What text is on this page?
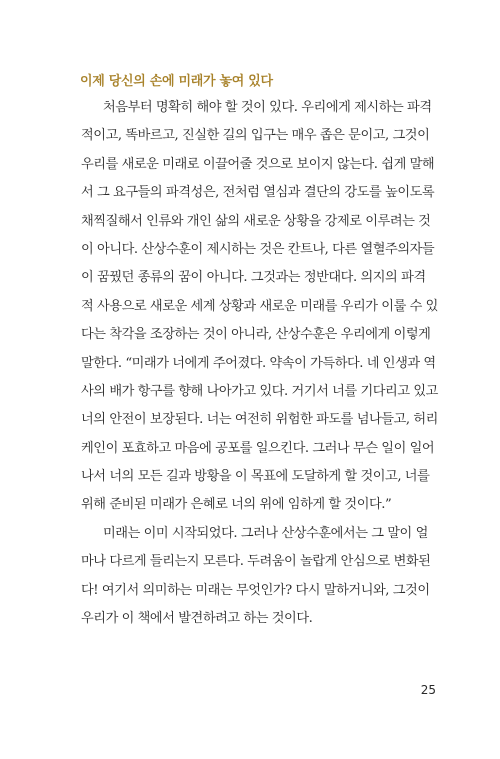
이제 당신의 손에 미래가 놓여 있다

처음부터 명확히 해야 할 것이 있다. 우리에게 제시하는 파격
적이고, 똑바르고, 진실한 길의 입구는 매우 좁은 문이고, 그것이
우리를 새로운 미래로 이끌어줄 것으로 보이지 않는다. 쉽게 말해
서 그 요구들의 파격성은, 전처럼 열심과 결단의 강도를 높이도록
채찍질해서 인류와 개인 삶의 새로운 상황을 강제로 이루려는 것
이 아니다. 산상수훈이 제시하는 것은 칸트나, 다른 열혈주의자들
이 꿈꿨던 종류의 꿈이 아니다. 그것과는 정반대다. 의지의 파격
적 사용으로 새로운 세계 상황과 새로운 미래를 우리가 이룰 수 있
다는 착각을 조장하는 것이 아니라, 산상수훈은 우리에게 이렇게
말한다. “미래가 너에게 주어졌다. 약속이 가득하다. 네 인생과 역
사의 배가 항구를 향해 나아가고 있다. 거기서 너를 기다리고 있고
너의 안전이 보장된다. 너는 여전히 위험한 파도를 넘나들고, 허리
케인이 포효하고 마음에 공포를 일으킨다. 그러나 무슨 일이 일어
나서 너의 모든 길과 방황을 이 목표에 도달하게 할 것이고, 너를
위해 준비된 미래가 은혜로 너의 위에 임하게 할 것이다.”

미래는 이미 시작되었다. 그러나 산상수훈에서는 그 말이 얼
마나 다르게 들리는지 모른다. 두려움이 놀랍게 안심으로 변화된
다! 여기서 의미하는 미래는 무엇인가? 다시 말하거니와, 그것이
우리가 이 책에서 발견하려고 하는 것이다.

25
